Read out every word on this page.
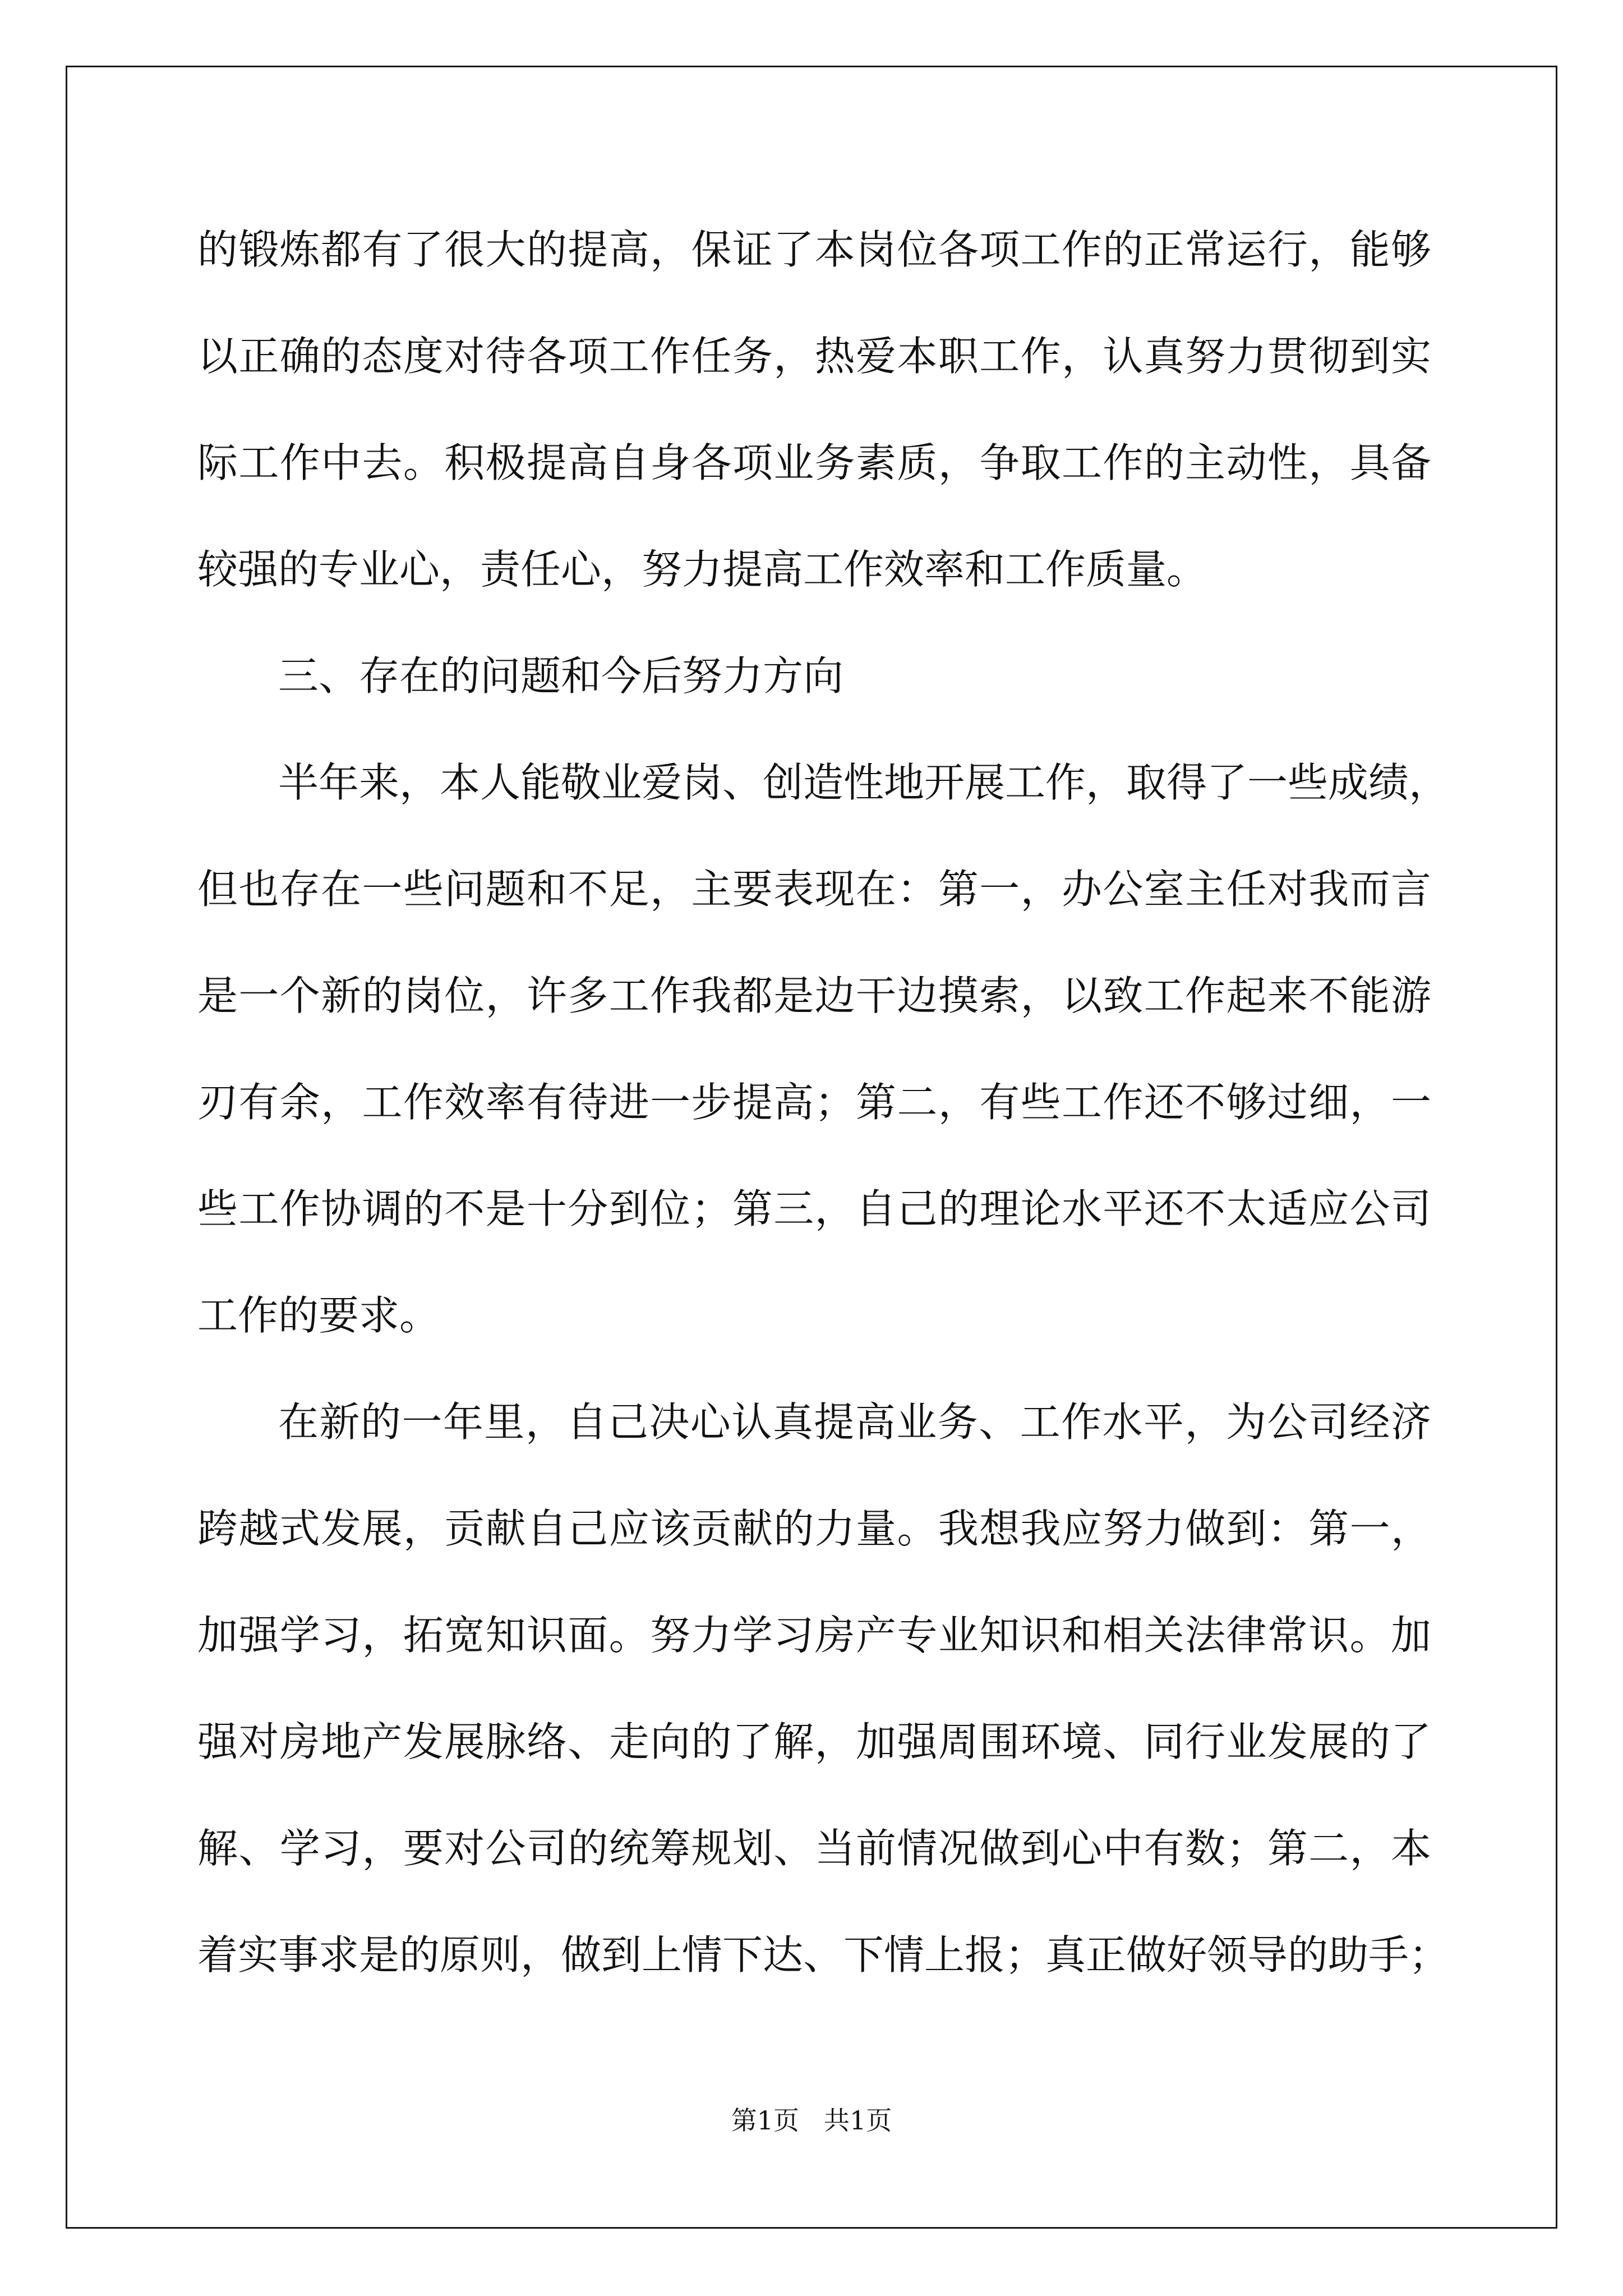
的锻炼都有了很大的提高，保证了本岗位各项工作的正常运行，能够
以正确的态度对待各项工作任务，热爱本职工作，认真努力贯彻到实
际工作中去。积极提高自身各项业务素质，争取工作的主动性，具备
较强的专业心，责任心，努力提高工作效率和工作质量。
三、存在的问题和今后努力方向
半年来，本人能敬业爱岗、创造性地开展工作，取得了一些成绩，
但也存在一些问题和不足，主要表现在：第一，办公室主任对我而言
是一个新的岗位，许多工作我都是边干边摸索，以致工作起来不能游
刃有余，工作效率有待进一步提高；第二，有些工作还不够过细，一
些工作协调的不是十分到位；第三，自己的理论水平还不太适应公司
工作的要求。
在新的一年里，自己决心认真提高业务、工作水平，为公司经济
跨越式发展，贡献自己应该贡献的力量。我想我应努力做到：第一，
加强学习，拓宽知识面。努力学习房产专业知识和相关法律常识。加
强对房地产发展脉络、走向的了解，加强周围环境、同行业发展的了
解、学习，要对公司的统筹规划、当前情况做到心中有数；第二，本
着实事求是的原则，做到上情下达、下情上报；真正做好领导的助手；
第1页 共1页
